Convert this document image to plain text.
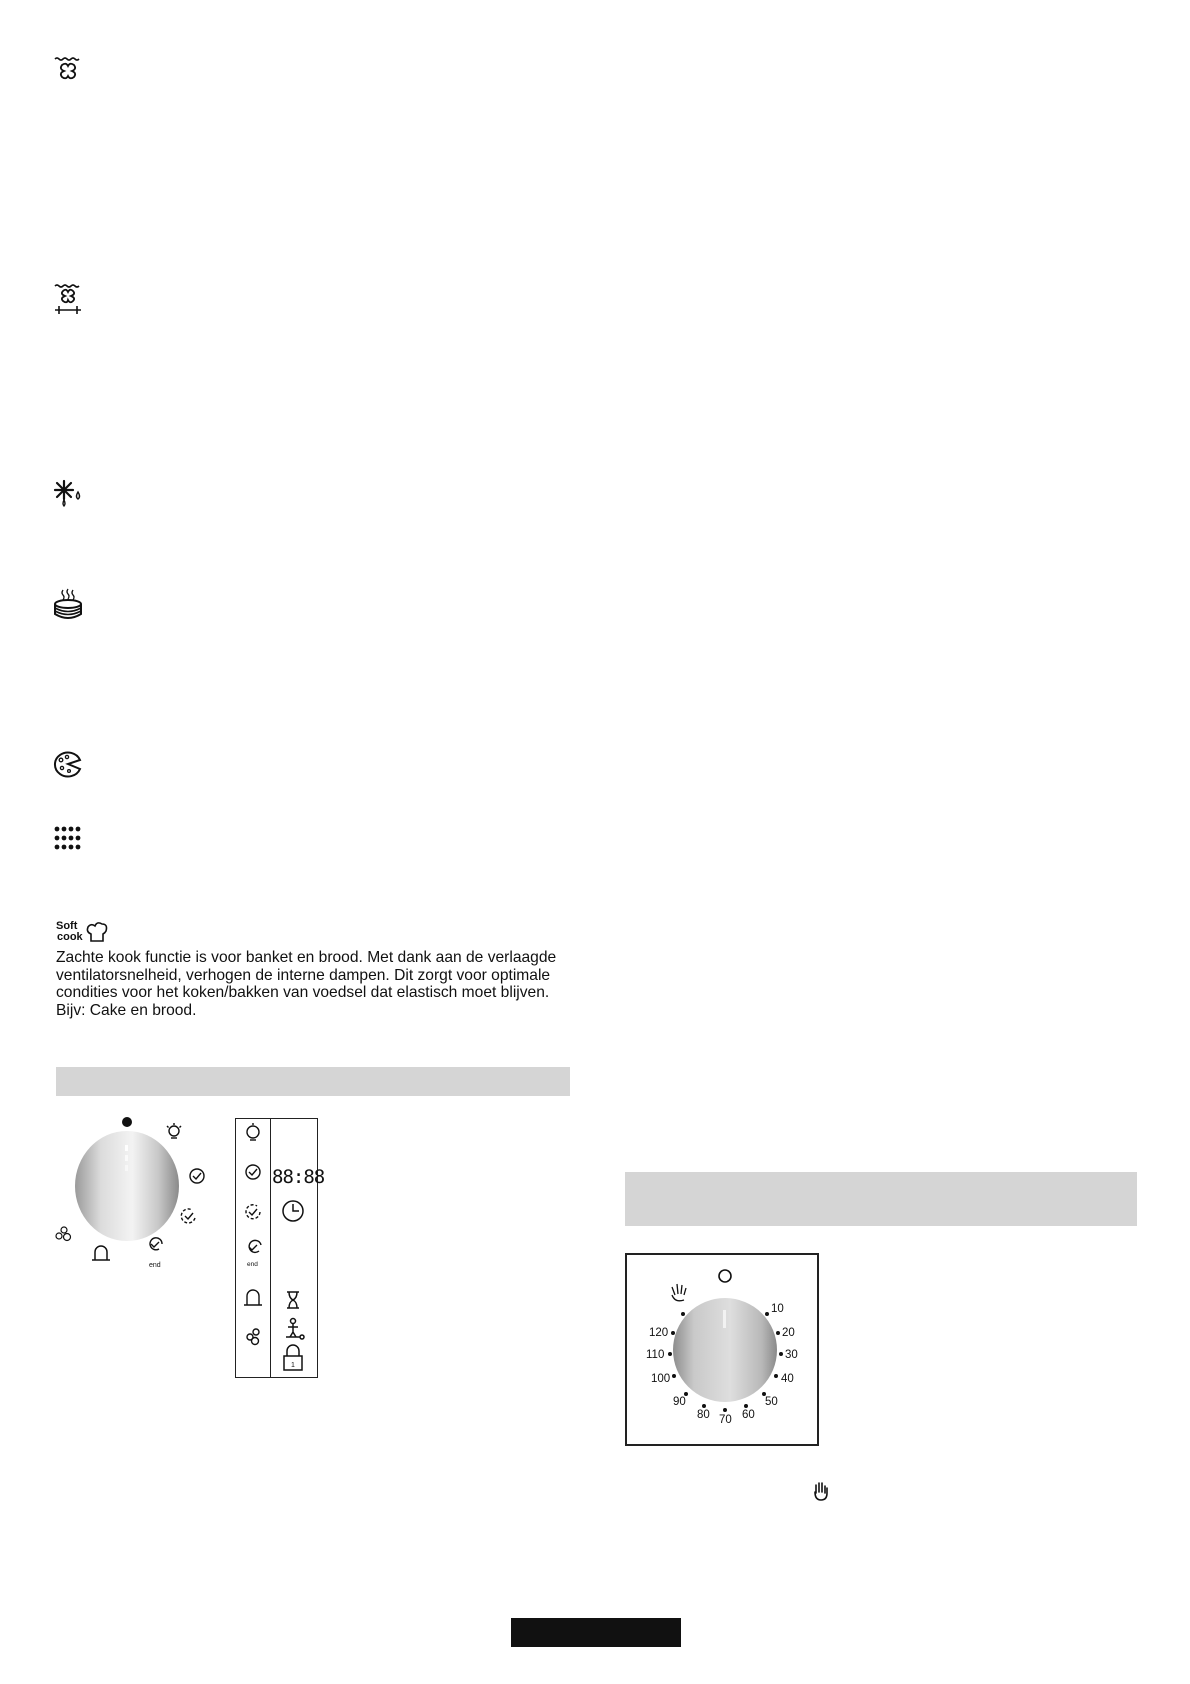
Soft
cook
Zachte kook functie is voor banket en brood. Met dank aan de verlaagde
ventilatorsnelheid, verhogen de interne dampen. Dit zorgt voor optimale
condities voor het koken/bakken van voedsel dat elastisch moet blijven.
Bijv: Cake en brood.
end	end
88:88
1
10
20
30
40
50
60
70
80
90
100
110
120
